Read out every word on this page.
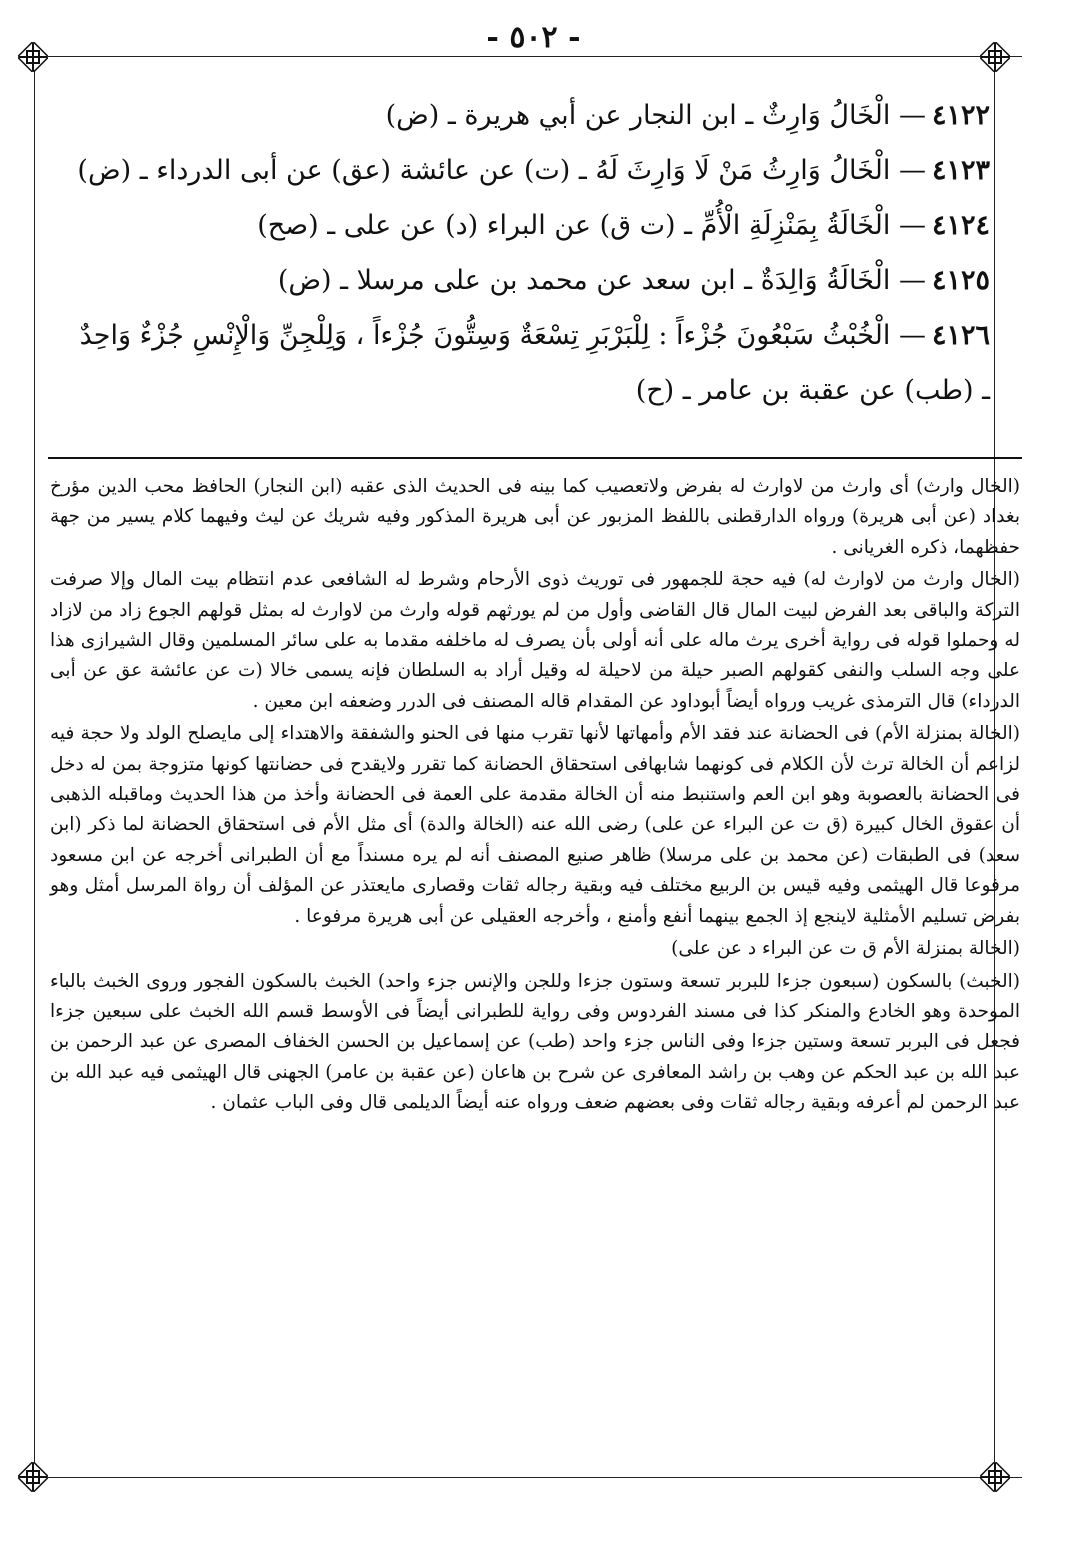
- ٥٠٢ -
٤١٢٢— الْخَالُ وَارِثٌ ـ ابن النجار عن أبي هريرة ـ (ض)
٤١٢٣— الْخَالُ وَارِثُ مَنْ لَا وَارِثَ لَهُ ـ (ت) عن عائشة (عق) عن أبى الدرداء ـ (ض)
٤١٢٤— الْخَالَةُ بِمَنْزِلَةِ الْأُمِّ ـ (ت ق) عن البراء (د) عن على ـ (صح)
٤١٢٥— الْخَالَةُ وَالِدَةٌ ـ ابن سعد عن محمد بن على مرسلا ـ (ض)
٤١٢٦— الْخُبْثُ سَبْعُونَ جُزْءاً : لِلْبَرْبَرِ تِسْعَةٌ وَسِتُّونَ جُزْءاً ، وَلِلْجِنِّ وَالْإِنْسِ جُزْءٌ وَاحِدٌ ـ (طب) عن عقبة بن عامر ـ (ح)

(الخال وارث) أى وارث من لاوارث له بفرض ولاتعصيب كما بينه فى الحديث الذى عقبه (ابن النجار) الحافظ محب الدين مؤرخ بغداد (عن أبى هريرة) ورواه الدارقطنى باللفظ المزبور عن أبى هريرة المذكور وفيه شريك عن ليث وفيهما كلام يسير من جهة حفظهما، ذكره الغريانى .

(الخال وارث من لاوارث له) فيه حجة للجمهور فى توريث ذوى الأرحام وشرط له الشافعى عدم انتظام بيت المال وإلا صرفت التركة والباقى بعد الفرض لبيت المال قال القاضى وأول من لم يورثهم قوله وارث من لاوارث له بمثل قولهم الجوع زاد من لازاد له وحملوا قوله فى رواية أخرى يرث ماله على أنه أولى بأن يصرف له ماخلفه مقدما به على سائر المسلمين وقال الشيرازى هذا على وجه السلب والنفى كقولهم الصبر حيلة من لاحيلة له وقيل أراد به السلطان فإنه يسمى خالا (ت عن عائشة عق عن أبى الدرداء) قال الترمذى غريب ورواه أيضاً أبوداود عن المقدام قاله المصنف فى الدرر وضعفه ابن معين .

(الخالة بمنزلة الأم) فى الحضانة عند فقد الأم وأمهاتها لأنها تقرب منها فى الحنو والشفقة والاهتداء إلى مايصلح الولد ولا حجة فيه لزاعم أن الخالة ترث لأن الكلام فى كونهما شابهافى استحقاق الحضانة كما تقرر ولايقدح فى حضانتها كونها متزوجة بمن له دخل فى الحضانة بالعصوبة وهو ابن العم واستنبط منه أن الخالة مقدمة على العمة فى الحضانة وأخذ من هذا الحديث وماقبله الذهبى أن عقوق الخال كبيرة (ق ت عن البراء عن على) رضى الله عنه (الخالة والدة) أى مثل الأم فى استحقاق الحضانة لما ذكر (ابن سعد) فى الطبقات (عن محمد بن على مرسلا) ظاهر صنيع المصنف أنه لم يره مسنداً مع أن الطبرانى أخرجه عن ابن مسعود مرفوعا قال الهيثمى وفيه قيس بن الربيع مختلف فيه وبقية رجاله ثقات وقصارى مايعتذر عن المؤلف أن رواة المرسل أمثل وهو بفرض تسليم الأمثلية لاينجع إذ الجمع بينهما أنفع وأمنع ، وأخرجه العقيلى عن أبى هريرة مرفوعا .

(الخالة بمنزلة الأم ق ت عن البراء د عن على)

(الخبث) بالسكون (سبعون جزءا للبربر تسعة وستون جزءا وللجن والإنس جزء واحد) الخبث بالسكون الفجور وروى الخبث بالباء الموحدة وهو الخادع والمنكر كذا فى مسند الفردوس وفى رواية للطبرانى أيضاً فى الأوسط قسم الله الخبث على سبعين جزءا فجعل فى البربر تسعة وستين جزءا وفى الناس جزء واحد (طب) عن إسماعيل بن الحسن الخفاف المصرى عن عبد الرحمن بن عبد الله بن عبد الحكم عن وهب بن راشد المعافرى عن شرح بن هاعان (عن عقبة بن عامر) الجهنى قال الهيثمى فيه عبد الله بن عبد الرحمن لم أعرفه وبقية رجاله ثقات وفى بعضهم ضعف ورواه عنه أيضاً الديلمى قال وفى الباب عثمان .
